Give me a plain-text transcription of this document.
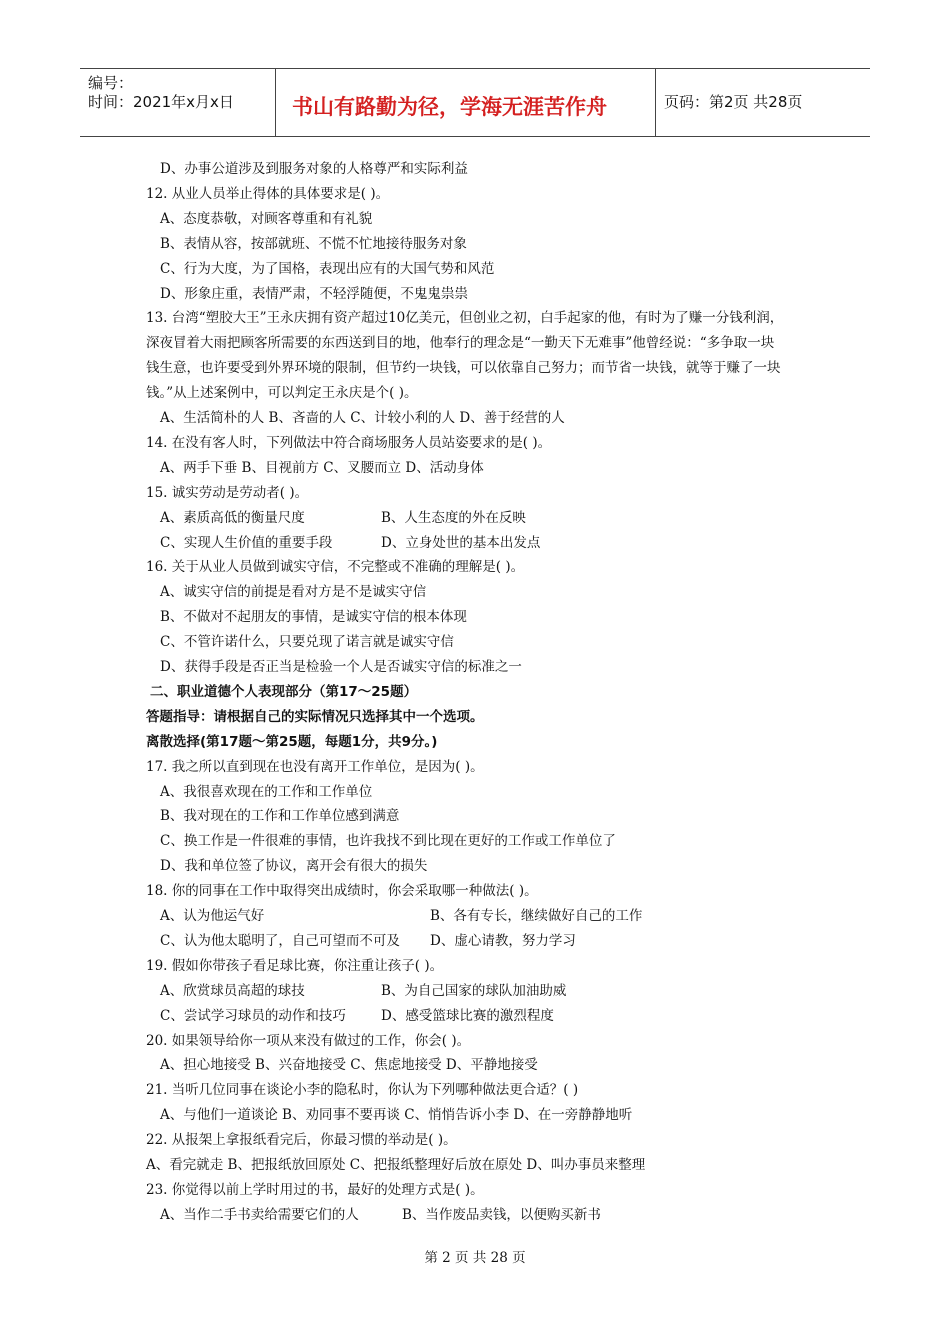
编号：
时间：2021年x月x日	书山有路勤为径，学海无涯苦作舟	页码：第2页 共28页
D、办事公道涉及到服务对象的人格尊严和实际利益
12. 从业人员举止得体的具体要求是( )。
A、态度恭敬，对顾客尊重和有礼貌
B、表情从容，按部就班、不慌不忙地接待服务对象
C、行为大度，为了国格，表现出应有的大国气势和风范
D、形象庄重，表情严肃，不轻浮随便，不鬼鬼祟祟
13. 台湾“塑胶大王”王永庆拥有资产超过10亿美元，但创业之初，白手起家的他，有时为了赚一分钱利润，
深夜冒着大雨把顾客所需要的东西送到目的地，他奉行的理念是“一勤天下无难事”他曾经说：“多争取一块
钱生意，也许要受到外界环境的限制，但节约一块钱，可以依靠自己努力；而节省一块钱，就等于赚了一块
钱。”从上述案例中，可以判定王永庆是个( )。
A、生活简朴的人 B、吝啬的人 C、计较小利的人 D、善于经营的人
14. 在没有客人时，下列做法中符合商场服务人员站姿要求的是( )。
A、两手下垂 B、目视前方 C、叉腰而立 D、活动身体
15. 诚实劳动是劳动者( )。
A、素质高低的衡量尺度	B、人生态度的外在反映
C、实现人生价值的重要手段	D、立身处世的基本出发点
16. 关于从业人员做到诚实守信，不完整或不准确的理解是( )。
A、诚实守信的前提是看对方是不是诚实守信
B、不做对不起朋友的事情，是诚实守信的根本体现
C、不管许诺什么，只要兑现了诺言就是诚实守信
D、获得手段是否正当是检验一个人是否诚实守信的标准之一
二、职业道德个人表现部分（第17～25题）
答题指导：请根据自己的实际情况只选择其中一个选项。
离散选择(第17题～第25题，每题1分，共9分。)
17. 我之所以直到现在也没有离开工作单位，是因为( )。
A、我很喜欢现在的工作和工作单位
B、我对现在的工作和工作单位感到满意
C、换工作是一件很难的事情，也许我找不到比现在更好的工作或工作单位了
D、我和单位签了协议，离开会有很大的损失
18. 你的同事在工作中取得突出成绩时，你会采取哪一种做法( )。
A、认为他运气好	B、各有专长，继续做好自己的工作
C、认为他太聪明了，自己可望而不可及 D、虚心请教，努力学习
19. 假如你带孩子看足球比赛，你注重让孩子( )。
A、欣赏球员高超的球技	B、为自己国家的球队加油助威
C、尝试学习球员的动作和技巧	D、感受篮球比赛的激烈程度
20. 如果领导给你一项从来没有做过的工作，你会( )。
A、担心地接受 B、兴奋地接受 C、焦虑地接受 D、平静地接受
21. 当听几位同事在谈论小李的隐私时，你认为下列哪种做法更合适？( )
A、与他们一道谈论 B、劝同事不要再谈 C、悄悄告诉小李 D、在一旁静静地听
22. 从报架上拿报纸看完后，你最习惯的举动是( )。
A、看完就走 B、把报纸放回原处 C、把报纸整理好后放在原处 D、叫办事员来整理
23. 你觉得以前上学时用过的书，最好的处理方式是( )。
A、当作二手书卖给需要它们的人	B、当作废品卖钱，以便购买新书
第 2 页 共 28 页
